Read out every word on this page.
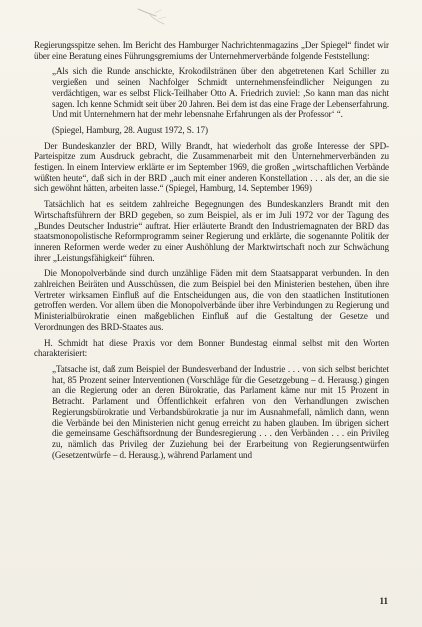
Regierungsspitze sehen. Im Bericht des Hamburger Nachrichtenmagazins „Der Spiegel“ findet wir über eine Beratung eines Führungsgremiums der Unternehmerverbände folgende Feststellung:

„Als sich die Runde anschickte, Krokodilstränen über den abgetretenen Karl Schiller zu vergießen und seinen Nachfolger Schmidt unternehmensfeindlicher Neigungen zu verdächtigen, war es selbst Flick-Teilhaber Otto A. Friedrich zuviel: ,So kann man das nicht sagen. Ich kenne Schmidt seit über 20 Jahren. Bei dem ist das eine Frage der Lebenserfahrung. Und mit Unternehmern hat der mehr lebensnahe Erfahrungen als der Professor‘ “.

(Spiegel, Hamburg, 28. August 1972, S. 17)

Der Bundeskanzler der BRD, Willy Brandt, hat wiederholt das große Interesse der SPD-Parteispitze zum Ausdruck gebracht, die Zusammenarbeit mit den Unternehmerverbänden zu festigen. In einem Interview erklärte er im September 1969, die großen „wirtschaftlichen Verbände wüßten heute“, daß sich in der BRD „auch mit einer anderen Konstellation . . . als der, an die sie sich gewöhnt hätten, arbeiten lasse.“ (Spiegel, Hamburg, 14. September 1969)

Tatsächlich hat es seitdem zahlreiche Begegnungen des Bundeskanzlers Brandt mit den Wirtschaftsführern der BRD gegeben, so zum Beispiel, als er im Juli 1972 vor der Tagung des „Bundes Deutscher Industrie“ auftrat. Hier erläuterte Brandt den Industriemagnaten der BRD das staatsmonopolistische Reformprogramm seiner Regierung und erklärte, die sogenannte Politik der inneren Reformen werde weder zu einer Aushöhlung der Marktwirtschaft noch zur Schwächung ihrer „Leistungsfähigkeit“ führen.

Die Monopolverbände sind durch unzählige Fäden mit dem Staatsapparat verbunden. In den zahlreichen Beiräten und Ausschüssen, die zum Beispiel bei den Ministerien bestehen, üben ihre Vertreter wirksamen Einfluß auf die Entscheidungen aus, die von den staatlichen Institutionen getroffen werden. Vor allem üben die Monopolverbände über ihre Verbindungen zu Regierung und Ministerialbürokratie einen maßgeblichen Einfluß auf die Gestaltung der Gesetze und Verordnungen des BRD-Staates aus.

H. Schmidt hat diese Praxis vor dem Bonner Bundestag einmal selbst mit den Worten charakterisiert:

„Tatsache ist, daß zum Beispiel der Bundesverband der Industrie . . . von sich selbst berichtet hat, 85 Prozent seiner Interventionen (Vorschläge für die Gesetzgebung – d. Herausg.) gingen an die Regierung oder an deren Bürokratie, das Parlament käme nur mit 15 Prozent in Betracht. Parlament und Öffentlichkeit erfahren von den Verhandlungen zwischen Regierungsbürokratie und Verbandsbürokratie ja nur im Ausnahmefall, nämlich dann, wenn die Verbände bei den Ministerien nicht genug erreicht zu haben glauben. Im übrigen sichert die gemeinsame Geschäftsordnung der Bundesregierung . . . den Verbänden . . . ein Privileg zu, nämlich das Privileg der Zuziehung bei der Erarbeitung von Regierungsentwürfen (Gesetzentwürfe – d. Herausg.), während Parlament und

11
